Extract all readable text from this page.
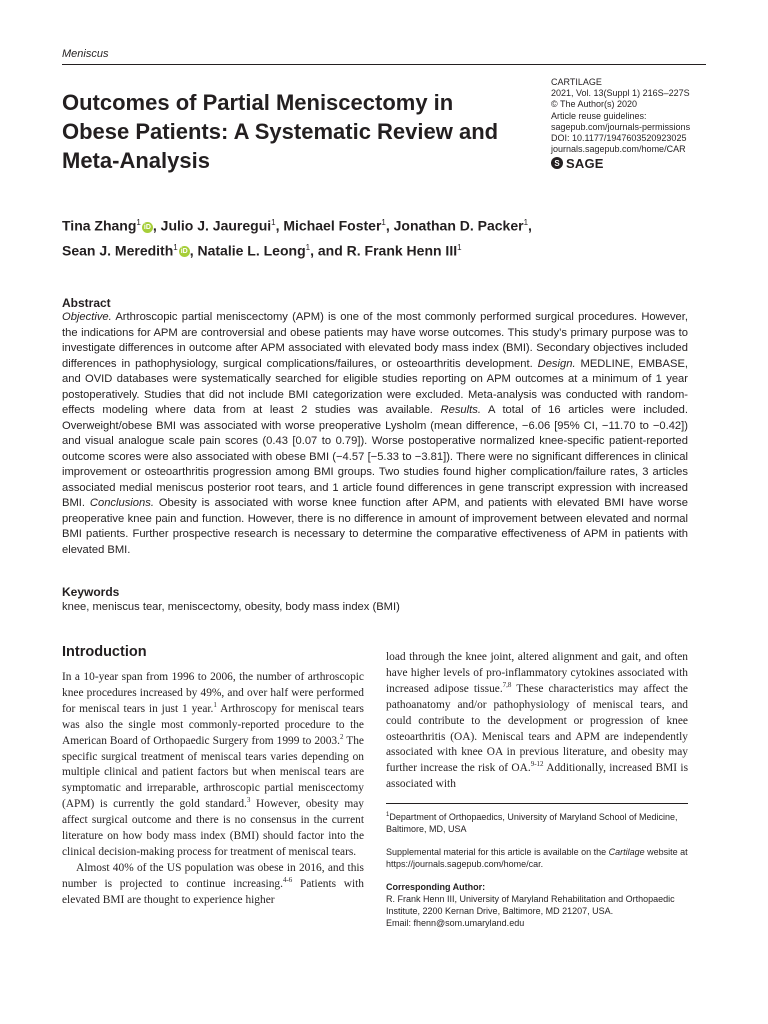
Meniscus
Outcomes of Partial Meniscectomy in Obese Patients: A Systematic Review and Meta-Analysis
CARTILAGE
2021, Vol. 13(Suppl 1) 216S–227S
© The Author(s) 2020
Article reuse guidelines:
sagepub.com/journals-permissions
DOI: 10.1177/1947603520923025
journals.sagepub.com/home/CAR
S SAGE
Tina Zhang$^1$iD , Julio J. Jauregui$^1$, Michael Foster$^1$, Jonathan D. Packer$^1$,
Sean J. Meredith$^1$iD , Natalie L. Leong$^1$, and R. Frank Henn III$^1$
Abstract
Objective. Arthroscopic partial meniscectomy (APM) is one of the most commonly performed surgical procedures. However, the indications for APM are controversial and obese patients may have worse outcomes. This study’s primary purpose was to investigate differences in outcome after APM associated with elevated body mass index (BMI). Secondary objectives included differences in pathophysiology, surgical complications/failures, or osteoarthritis development. Design. MEDLINE, EMBASE, and OVID databases were systematically searched for eligible studies reporting on APM outcomes at a minimum of 1 year postoperatively. Studies that did not include BMI categorization were excluded. Meta-analysis was conducted with random-effects modeling where data from at least 2 studies was available. Results. A total of 16 articles were included. Overweight/obese BMI was associated with worse preoperative Lysholm (mean difference, −6.06 [95% CI, −11.70 to −0.42]) and visual analogue scale pain scores (0.43 [0.07 to 0.79]). Worse postoperative normalized knee-specific patient-reported outcome scores were also associated with obese BMI (−4.57 [−5.33 to −3.81]). There were no significant differences in clinical improvement or osteoarthritis progression among BMI groups. Two studies found higher complication/failure rates, 3 articles associated medial meniscus posterior root tears, and 1 article found differences in gene transcript expression with increased BMI. Conclusions. Obesity is associated with worse knee function after APM, and patients with elevated BMI have worse preoperative knee pain and function. However, there is no difference in amount of improvement between elevated and normal BMI patients. Further prospective research is necessary to determine the comparative effectiveness of APM in patients with elevated BMI.
Keywords
knee, meniscus tear, meniscectomy, obesity, body mass index (BMI)
Introduction

In a 10-year span from 1996 to 2006, the number of arthroscopic knee procedures increased by 49%, and over half were performed for meniscal tears in just 1 year.$^1$ Arthroscopy for meniscal tears was also the single most commonly-reported procedure to the American Board of Orthopaedic Surgery from 1999 to 2003.$^2$ The specific surgical treatment of meniscal tears varies depending on multiple clinical and patient factors but when meniscal tears are symptomatic and irreparable, arthroscopic partial meniscectomy (APM) is currently the gold standard.$^3$ However, obesity may affect surgical outcome and there is no consensus in the current literature on how body mass index (BMI) should factor into the clinical decision-making process for treatment of meniscal tears.

Almost 40% of the US population was obese in 2016, and this number is projected to continue increasing.$^{4-6}$ Patients with elevated BMI are thought to experience higher

load through the knee joint, altered alignment and gait, and often have higher levels of pro-inflammatory cytokines associated with increased adipose tissue.$^{7,8}$ These characteristics may affect the pathoanatomy and/or pathophysiology of meniscal tears, and could contribute to the development or progression of knee osteoarthritis (OA). Meniscal tears and APM are independently associated with knee OA in previous literature, and obesity may further increase the risk of OA.$^{9-12}$ Additionally, increased BMI is associated with

$^1$Department of Orthopaedics, University of Maryland School of Medicine, Baltimore, MD, USA

Supplemental material for this article is available on the Cartilage website at https://journals.sagepub.com/home/car.

Corresponding Author:

R. Frank Henn III, University of Maryland Rehabilitation and Orthopaedic Institute, 2200 Kernan Drive, Baltimore, MD 21207, USA.

Email: fhenn@som.umaryland.edu
